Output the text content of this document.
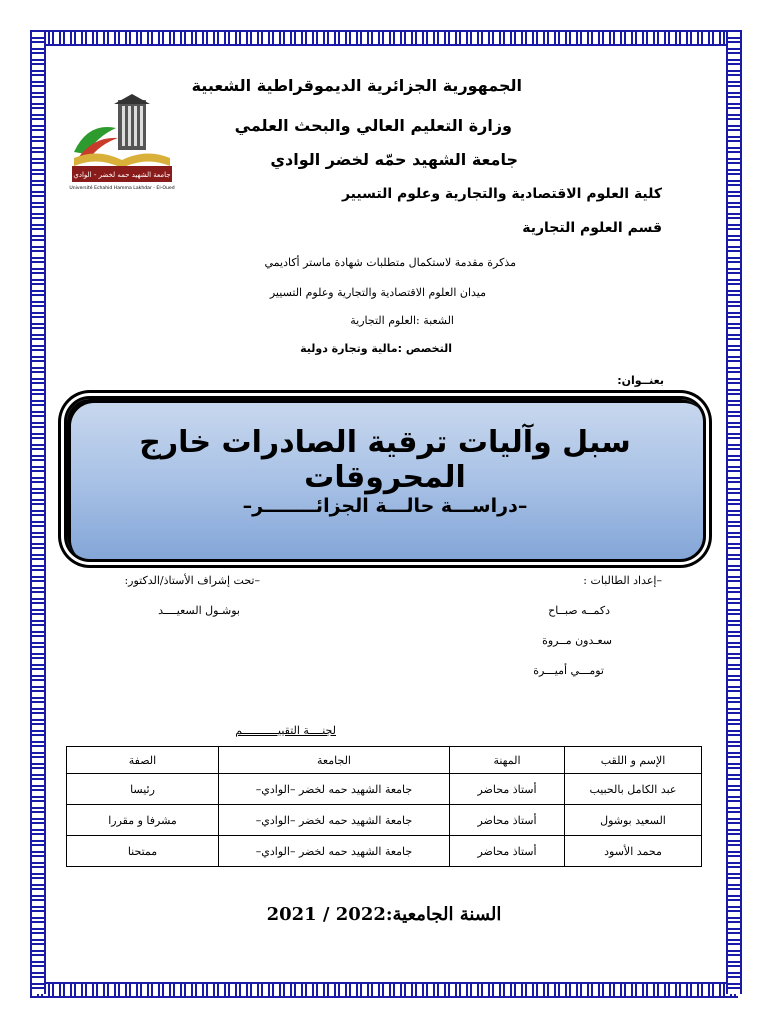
جامعة الشهيد حمه لخضر - الوادي
Université Echahid Hamma Lakhdar - El-Oued
الجمهورية الجزائرية الديموقراطية الشعبية
وزارة التعليم العالي والبحث العلمي
جامعة الشهيد حمّه لخضر الوادي
كلية العلوم الاقتصادية والتجارية وعلوم التسيير
قسم العلوم التجارية
مذكرة مقدمة لاستكمال متطلبات شهادة ماستر أكاديمي
ميدان العلوم الاقتصادية والتجارية وعلوم التسيير
الشعبة :العلوم التجارية
التخصص :مالية وتجارة دولية
بعنــوان:
سبل وآليات ترقية الصادرات خارج المحروقات
–دراســـة حالـــة الجزائــــــــر–
–إعداد الطالبات :
دكمــه صبــاح
سعـدون مــروة
تومـــي أميـــرة
–تحت إشراف الأستاذ/الدكتور:
بوشـول السعيــــد
لجنــــة التقييـــــــــــم
الإسم و اللقب	المهنة	الجامعة	الصفة
عبد الكامل بالحبيب	أستاذ محاضر	جامعة الشهيد حمه لخضر –الوادي–	رئيسا
السعيد بوشول	أستاذ محاضر	جامعة الشهيد حمه لخضر –الوادي–	مشرفا و مقررا
محمد الأسود	أستاذ محاضر	جامعة الشهيد حمه لخضر –الوادي–	ممتحنا
السنة الجامعية:2021 / 2022
